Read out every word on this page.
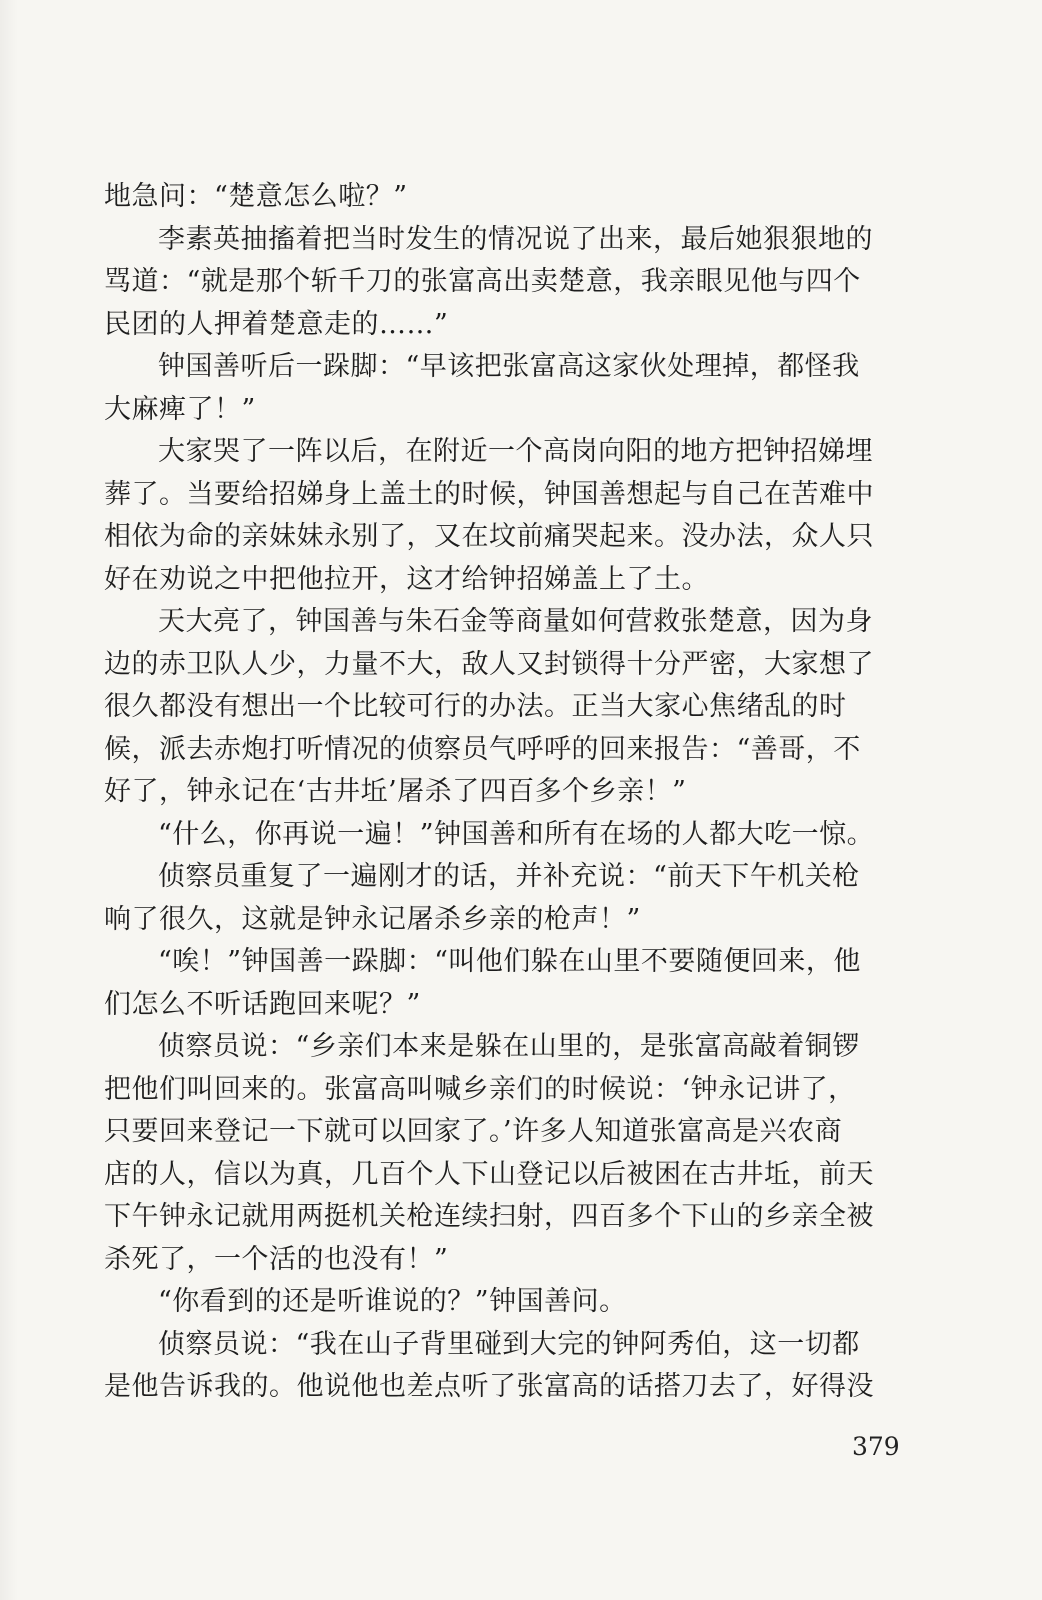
地急问：“楚意怎么啦？”
李素英抽搐着把当时发生的情况说了出来，最后她狠狠地的
骂道：“就是那个斩千刀的张富高出卖楚意，我亲眼见他与四个
民团的人押着楚意走的……”
钟国善听后一跺脚：“早该把张富高这家伙处理掉，都怪我
大麻痺了！”
大家哭了一阵以后，在附近一个高岗向阳的地方把钟招娣埋
葬了。当要给招娣身上盖土的时候，钟国善想起与自己在苦难中
相依为命的亲妹妹永别了，又在坟前痛哭起来。没办法，众人只
好在劝说之中把他拉开，这才给钟招娣盖上了土。
天大亮了，钟国善与朱石金等商量如何营救张楚意，因为身
边的赤卫队人少，力量不大，敌人又封锁得十分严密，大家想了
很久都没有想出一个比较可行的办法。正当大家心焦绪乱的时
候，派去赤炮打听情况的侦察员气呼呼的回来报告：“善哥，不
好了，钟永记在‘古井坵’屠杀了四百多个乡亲！”
“什么，你再说一遍！”钟国善和所有在场的人都大吃一惊。
侦察员重复了一遍刚才的话，并补充说：“前天下午机关枪
响了很久，这就是钟永记屠杀乡亲的枪声！”
“唉！”钟国善一跺脚：“叫他们躲在山里不要随便回来，他
们怎么不听话跑回来呢？”
侦察员说：“乡亲们本来是躲在山里的，是张富高敲着铜锣
把他们叫回来的。张富高叫喊乡亲们的时候说：‘钟永记讲了，
只要回来登记一下就可以回家了。’许多人知道张富高是兴农商
店的人，信以为真，几百个人下山登记以后被困在古井坵，前天
下午钟永记就用两挺机关枪连续扫射，四百多个下山的乡亲全被
杀死了，一个活的也没有！”
“你看到的还是听谁说的？”钟国善问。
侦察员说：“我在山子背里碰到大完的钟阿秀伯，这一切都
是他告诉我的。他说他也差点听了张富高的话搭刀去了，好得没
379
